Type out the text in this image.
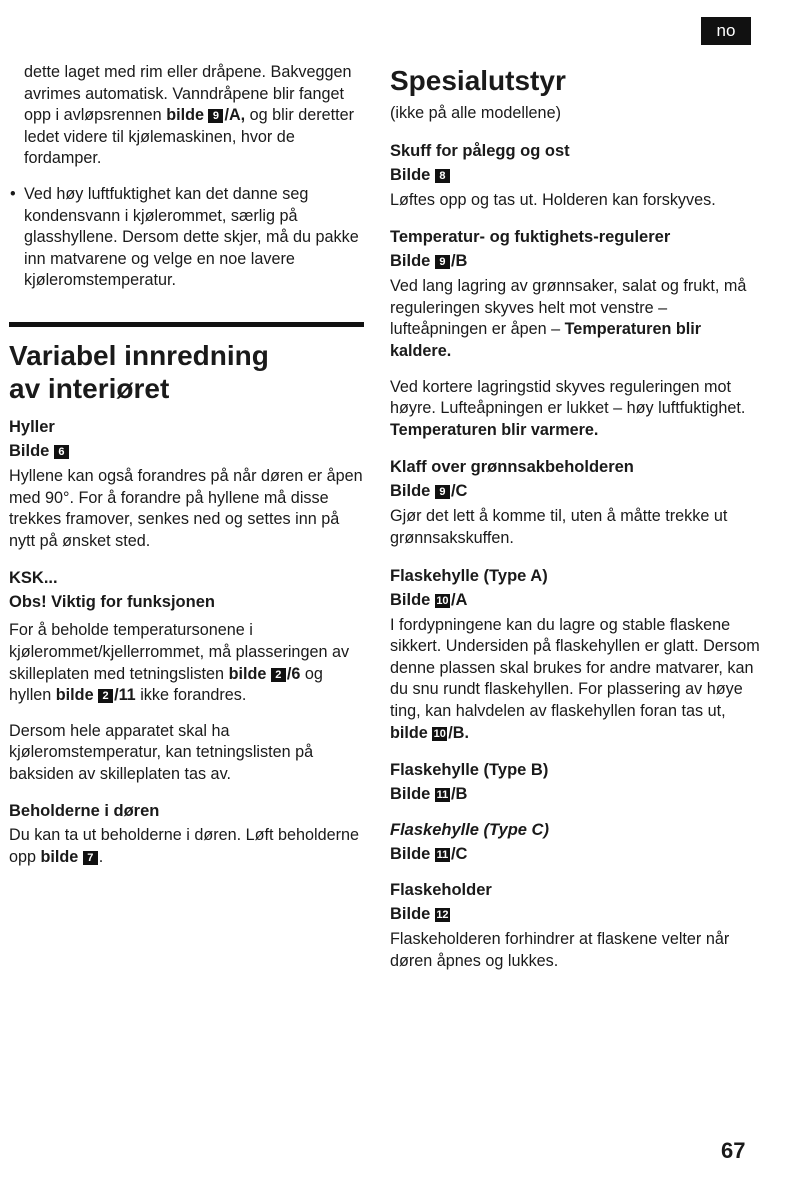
no

dette laget med rim eller dråpene. Bakveggen avrimes automatisk. Vanndråpene blir fanget opp i avløpsrennen bilde 9 /A, og blir deretter ledet videre til kjølemaskinen, hvor de fordamper.

• Ved høy luftfuktighet kan det danne seg kondensvann i kjølerommet, særlig på glasshyllene. Dersom dette skjer, må du pakke inn matvarene og velge en noe lavere kjøleromstemperatur.

Variabel innredning
av interiøret
Hyller
Bilde 6

Hyllene kan også forandres på når døren er åpen med 90°. For å forandre på hyllene må disse trekkes framover, senkes ned og settes inn på nytt på ønsket sted.

KSK...
Obs! Viktig for funksjonen

For å beholde temperatursonene i kjølerommet/kjellerrommet, må plasseringen av skilleplaten med tetningslisten bilde 2 /6 og hyllen bilde 2 /11 ikke forandres.

Dersom hele apparatet skal ha kjøleromstemperatur, kan tetningslisten på baksiden av skilleplaten tas av.

Beholderne i døren

Du kan ta ut beholderne i døren. Løft beholderne opp bilde 7 .

Spesialutstyr

(ikke på alle modellene)

Skuff for pålegg og ost
Bilde 8

Løftes opp og tas ut. Holderen kan forskyves.

Temperatur- og fuktighets-regulerer
Bilde 9 /B

Ved lang lagring av grønnsaker, salat og frukt, må reguleringen skyves helt mot venstre – lufteåpningen er åpen – Temperaturen blir kaldere.

Ved kortere lagringstid skyves reguleringen mot høyre. Lufteåpningen er lukket – høy luftfuktighet. Temperaturen blir varmere.

Klaff over grønnsakbeholderen
Bilde 9 /C

Gjør det lett å komme til, uten å måtte trekke ut grønnsakskuffen.

Flaskehylle (Type A)
Bilde 10 /A

I fordypningene kan du lagre og stable flaskene sikkert. Undersiden på flaskehyllen er glatt. Dersom denne plassen skal brukes for andre matvarer, kan du snu rundt flaskehyllen. For plassering av høye ting, kan halvdelen av flaskehyllen foran tas ut, bilde 10 /B.

Flaskehylle (Type B)
Bilde 11 /B
Flaskehylle (Type C)
Bilde 11 /C
Flaskeholder
Bilde 12

Flaskeholderen forhindrer at flaskene velter når døren åpnes og lukkes.

67
